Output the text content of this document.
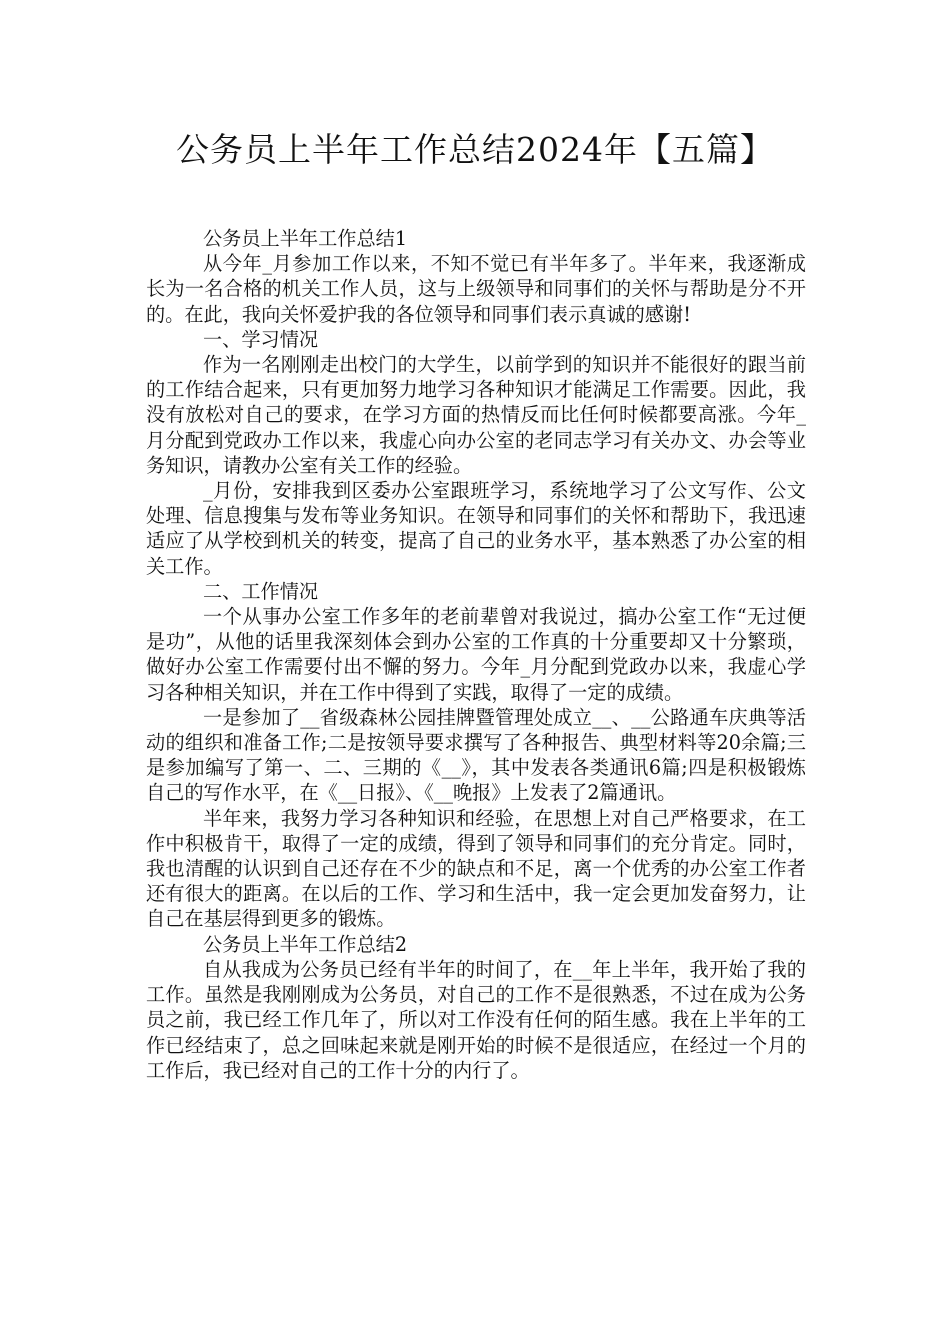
公务员上半年工作总结2024年【五篇】

公务员上半年工作总结1

从今年_月参加工作以来，不知不觉已有半年多了。半年来，我逐渐成长为一名合格的机关工作人员，这与上级领导和同事们的关怀与帮助是分不开的。在此，我向关怀爱护我的各位领导和同事们表示真诚的感谢!

一、学习情况

作为一名刚刚走出校门的大学生，以前学到的知识并不能很好的跟当前的工作结合起来，只有更加努力地学习各种知识才能满足工作需要。因此，我没有放松对自己的要求，在学习方面的热情反而比任何时候都要高涨。今年_月分配到党政办工作以来，我虚心向办公室的老同志学习有关办文、办会等业务知识，请教办公室有关工作的经验。

_月份，安排我到区委办公室跟班学习，系统地学习了公文写作、公文处理、信息搜集与发布等业务知识。在领导和同事们的关怀和帮助下，我迅速适应了从学校到机关的转变，提高了自己的业务水平，基本熟悉了办公室的相关工作。

二、工作情况

一个从事办公室工作多年的老前辈曾对我说过，搞办公室工作“无过便是功”，从他的话里我深刻体会到办公室的工作真的十分重要却又十分繁琐，做好办公室工作需要付出不懈的努力。今年_月分配到党政办以来，我虚心学习各种相关知识，并在工作中得到了实践，取得了一定的成绩。

一是参加了__省级森林公园挂牌暨管理处成立__、__公路通车庆典等活动的组织和准备工作;二是按领导要求撰写了各种报告、典型材料等20余篇;三是参加编写了第一、二、三期的《__》，其中发表各类通讯6篇;四是积极锻炼自己的写作水平，在《__日报》、《__晚报》上发表了2篇通讯。

半年来，我努力学习各种知识和经验，在思想上对自己严格要求，在工作中积极肯干，取得了一定的成绩，得到了领导和同事们的充分肯定。同时，我也清醒的认识到自己还存在不少的缺点和不足，离一个优秀的办公室工作者还有很大的距离。在以后的工作、学习和生活中，我一定会更加发奋努力，让自己在基层得到更多的锻炼。

公务员上半年工作总结2

自从我成为公务员已经有半年的时间了，在__年上半年，我开始了我的工作。虽然是我刚刚成为公务员，对自己的工作不是很熟悉，不过在成为公务员之前，我已经工作几年了，所以对工作没有任何的陌生感。我在上半年的工作已经结束了，总之回味起来就是刚开始的时候不是很适应，在经过一个月的工作后，我已经对自己的工作十分的内行了。
